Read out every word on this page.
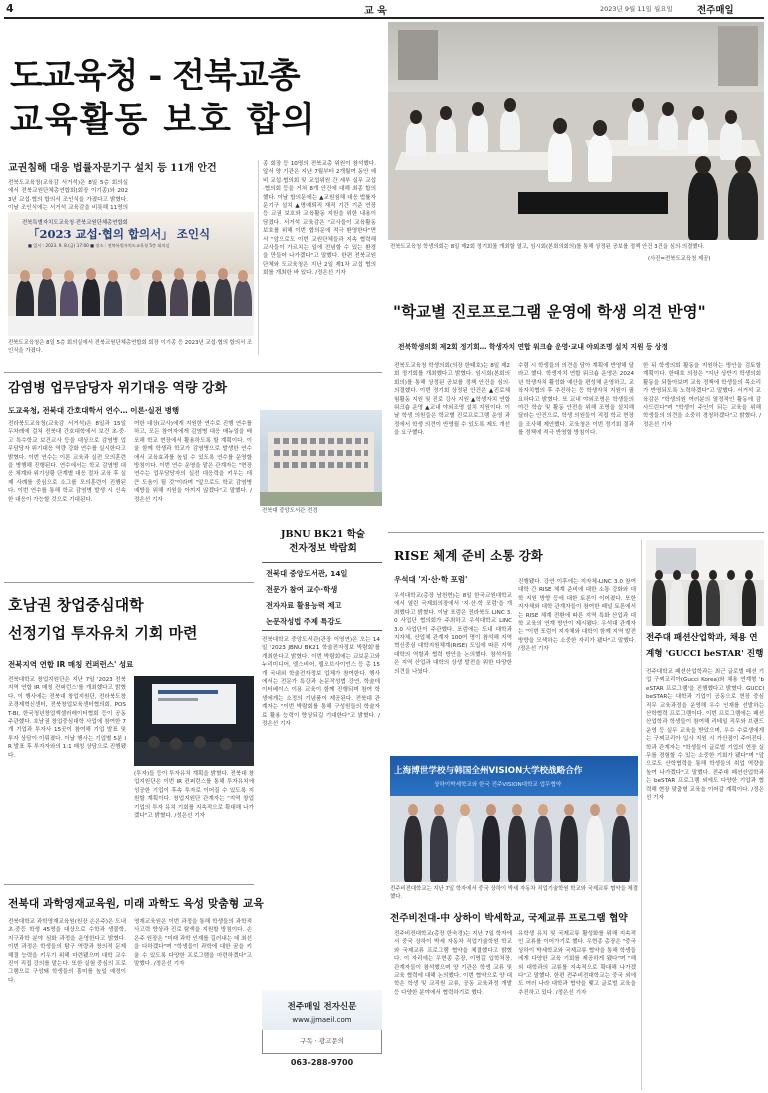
4	교 육	2023년 9월 11일 월요일	전주매일
도교육청 - 전북교총
교육활동 보호 합의
교권침해 대응 법률자문기구 설치 등 11개 안건
전북도교육청(교육감 서거석)은 8일 5층 회의실에서 전북교원단체총연합회(회장 이기종)와 2023년 교섭·협의 합의서 조인식을 가졌다고 밝혔다. 이날 조인식에는 서거석 교육감을 비롯해 11명의
전북특별자치도교육청·전북교원단체총연합회
「2023 교섭·협의 합의서」 조인식
■ 일시 : 2023. 9. 8.(금) 17:00 ■ 장소 : 전북특별자치도교육청 5층 회의실
전북도교육청은 8일 5층 회의실에서 전북교원단체총연합회 회장 이기종 등 2023년 교섭·협의 합의서 조인식을 가졌다.
종 회장 등 10명의 전북교총 위원이 참석했다. 앞서 양 기관은 지난 7월부터 2개월여 동안 예비 교섭·협의회 및 교섭위원 간 세부 실무 교섭·협의회 등을 거쳐 8개 안건에 대해 최종 합의했다. 이날 합의문에는 ▲교원침해 대응 법률자문기구 설치 ▲명예퇴직 재직 기간 기준 연장 등 교권 보호와 교육활동 지원을 위한 내용이 담겼다. 서거석 교육감은 "교사들이 교육활동 보호를 위해 이번 합의문에 적극 환영한다"면서 "앞으로도 이번 교원단체들과 지속 협력해 교사들이 가르치는 일에 전념할 수 있는 환경을 만들어 나가겠다"고 말했다. 한편 전북교원단체와 도교육청은 지난 2일 제1차 교섭 협의회를 개최한 바 있다. /정은선 기자
전북도교육청 학생의회는 8일 제2회 정기회를 개최할 열고, 임시회(본회의회의)를 통해 상정된 공보를 정책 안건 3건을 심의·의결했다.
(사진=전북도교육청 제공)
"학교별 진로프로그램 운영에 학생 의견 반영"
전북학생의회 제2회 정기회… 학생자치 연합 워크숍 운영·교내 야외조명 설치 지원 등 상정
전북도교육청 학생의회(의장 한태호)는 8일 제2회 정기회를 개최했다고 밝혔다. 임시회(본회의회의)를 통해 상정된 공보를 정책 안건을 심의·의결했다. 이번 정기회 상정된 안건은 ▲진로체험활동 지원 및 진로 강사 지원 ▲학생자치 연합 워크숍 운영 ▲교내 야외조명 설치 지원이다. 이날 학생 의원들은 학교별 진로프로그램 운영 과정에서 학생 의견이 반영될 수 있도록 제도 개선을 요구했다.
수렴 시 학생들의 의견을 담아 계획에 반영해 달라고 했다. 학생자치 연합 워크숍 운영은 2024년 학생자치 활성화 예산을 편성해 운영하고, 교육자치협의 후 추진하는 등 학생자치 지원이 필요하다고 밝혔다. 또 교내 야외조명은 학생들의 야간 학습 및 활동 안전을 위해 조명을 설치해 달라는 안건으로, 학생 의원들이 직접 학교 현장을 조사해 제안했다. 교육청은 이번 정기회 결과를 정책에 적극 반영할 방침이다.
한 뒤 학생의회 활동을 지원하는 방안을 검토할 계획이다. 한태호 의장은 "지난 상반기 학생의회 활동을 되돌아보며 교육 정책에 학생들의 목소리가 반영되도록 노력하겠다"고 말했다. 서거석 교육감은 "학생의원 여러분의 열정적인 활동에 감사드린다"며 "학생이 주인이 되는 교육을 위해 학생들의 의견을 소중히 경청하겠다"고 밝혔다. /정은선 기자
감염병 업무담당자 위기대응 역량 강화
도교육청, 전북대 간호대학서 연수… 이론·실전 병행
전라북도교육청(교육감 서거석)은 8일과 15일 두차례에 걸쳐 전북대 간호대학에서 보건 초·중·고 특수학교 보건교사 등을 대상으로 감염병 업무담당자 위기대응 역량 강화 연수를 실시한다고 밝혔다. 이번 연수는 이론 교육과 실전 모의훈련을 병행해 진행된다. 연수에서는 학교 감염병 대응 체계와 위기상황 단계별 대응 절차 교육 후 실제 사례를 중심으로 소그룹 모의훈련이 진행된다. 이번 연수를 통해 학교 감염병 발생 시 신속한 대응이 가능할 것으로 기대된다.
여한 대상(교사)에게 지원한 연수로 진행 연수를 하고, 모든 참여자에게 감염병 대응 매뉴얼을 배포해 학교 현장에서 활용하도록 할 계획이다. 이울 함께 학생과 학교가 감염병으로 발생한 연수에서 교육효과를 높일 수 있도록 연수를 운영할 방침이다. 이번 연수 운영을 맡은 관계자는 "현장 연수는 업무담당자의 실전 대응력을 키우는 데 큰 도움이 될 것"이라며 "앞으로도 학교 감염병 예방을 위해 지원을 아끼지 않겠다"고 말했다. /정은선 기자
전북대 중앙도서관 전경
JBNU BK21 학술
전자정보 박람회
전북대 중앙도서관, 14일
전문가 참여 교수·학생
전자자료 활용능력 제고
논문작성법 주제 특강도
전북대학교 중앙도서관(관장 이영연)은 오는 14일 '2023 JBNU BK21 학술전자정보 박람회'를 개최한다고 밝혔다. 이번 박람회에는 교보문고와 누리미디어, 엘스비어, 웹오브사이언스 등 총 15개 국내외 학술전자정보 업체가 참여한다. 행사에서는 전문가 특강과 논문작성법 강연, 학술데이터베이스 이용 교육이 함께 진행되며 참여 학생에게는 소정의 기념품이 제공된다. 전북대 관계자는 "이번 박람회를 통해 구성원들의 학술자료 활용 능력이 향상되길 기대한다"고 밝혔다. /정은선 기자
호남권 창업중심대학
선정기업 투자유치 기회 마련
전북지역 연합 IR 매칭 컨퍼런스' 성료
전북대학교 창업지원단은 지난 7일 '2023 전북지역 연합 IR 매칭 컨퍼런스'를 개최했다고 밝혔다. 이 행사에는 전북대 창업지원단, 전라북도창조경제혁신센터, 전북창업보육센터협의회, POST-BI, 한국청년창업엑셀러레이터협회 등이 공동 주관했다. 호남권 창업중심대학 사업에 참여한 7개 기업과 투자사 15곳이 참여해 기업 발표 및 투자 상담이 이뤄졌다. 이날 행사는 기업별 5분 IR 발표 후 투자자와의 1:1 매칭 상담으로 진행됐다.
(투자)들 등이 투자유치 계획을 밝혔다. 전북대 창업지원단은 이번 IR 컨퍼런스를 통해 투자유치에 성공한 기업이 후속 투자로 이어질 수 있도록 지원할 계획이다. 창업지원단 관계자는 "지역 창업기업의 투자 유치 기회를 지속적으로 확대해 나가겠다"고 밝혔다. /정은선 기자
전북대 과학영재교육원, 미래 과학도 육성 맞춤형 교육
전북대학교 과학영재교육원(원장 손은주)은 도내 초·중등 학생 45명을 대상으로 수학과 생물학, 지구과학 분야 심화 과정을 운영한다고 밝혔다. 이번 과정은 학생들의 탐구 역량과 창의적 문제해결 능력을 키우기 위해 마련됐으며 대학 교수진이 직접 강의를 맡는다. 또한 실험 중심의 프로그램으로 구성돼 학생들의 흥미를 높일 예정이다.
영재교육원은 이번 과정을 통해 학생들의 과학적 사고력 향상과 진로 탐색을 지원할 방침이다. 손은주 원장은 "미래 과학 인재를 길러내는 데 최선을 다하겠다"며 "학생들이 과학에 대한 꿈을 키울 수 있도록 다양한 프로그램을 마련하겠다"고 말했다. /정은선 기자
전주매일 전자신문
www.jjmaeil.com
구독 · 광고문의
063-288-9700
RISE 체계 준비 소통 강화
우석대 '지·산·학 포럼'
우석대학교(총장 남천현)는 8일 한국교원대학교에서 열린 국제회의장에서 '지·산·학 포럼'을 개최했다고 밝혔다. 이날 포럼은 전라북도 LINC 3.0 사업단 협의회가 주최하고 우석대학교 LINC 3.0 사업단이 주관했다. 포럼에는 도내 대학과 지자체, 산업체 관계자 100여 명이 참석해 지역혁신중심 대학지원체계(RISE) 도입에 따른 지역 대학의 역할과 협력 방안을 논의했다. 참석자들은 지역 산업과 대학의 상생 발전을 위한 다양한 의견을 나눴다.
진행됐다. 강연 이후에는 지자체-LINC 3.0 참여대학 간 RISE 체계 준비에 대한 소통 강화와 대학 지원 방향 등에 대한 토론이 이어졌다. 또한 지자체와 대학 관계자들이 참여한 패널 토론에서는 RISE 체계 전환에 따른 지역 특화 산업과 대학 교육의 연계 방안이 제시됐다. 우석대 관계자는 "이번 포럼이 지자체와 대학이 함께 지역 발전 방향을 모색하는 소중한 자리가 됐다"고 말했다. /정은선 기자
上海博世学校与韩国全州VISION大学校战略合作
상하이박세학교와 한국 전주VISION대학교 업무협약
전주비전대학교는 지난 7일 학자에서 중국 상하이 박세 자동차 직업기술학원 학교와 국제교류 협약을 체결했다.
전주비전대-中 상하이 박세학교, 국제교류 프로그램 협약
전주비전대학교(총장 한숙경)는 지난 7일 학자에서 중국 상하이 박세 자동차 직업기술학원 학교와 국제교류 프로그램 협약을 체결했다고 밝혔다. 이 자리에는 우현종 총장, 이명길 입학처장, 관계자들이 참석했으며 양 기관은 학생 교류 및 교육 협력에 대해 논의했다. 이번 협약으로 양 대학은 학생 및 교직원 교류, 공동 교육과정 개발 등 다양한 분야에서 협력하기로 했다.
유학생 유치 및 국제교류 활성화를 위해 지속적인 교류를 이어가기로 했다. 우현종 총장은 "중국 상하이 박세학교와 국제교류 협약을 통해 학생들에게 다양한 교육 기회를 제공하게 됐다"며 "해외 대학과의 교류를 지속적으로 확대해 나가겠다"고 말했다. 한편 전주비전대학교는 중국 외에도 여러 나라 대학과 협약을 맺고 글로벌 교육을 추진하고 있다. /정은선 기자
전주대 패션산업학과, 채용 연계형 'GUCCI beSTAR' 진행
전주대학교 패션산업학과는 최근 글로벌 패션 기업 구찌코리아(Gucci Korea)와 채용 연계형 'beSTAR 프로그램'을 진행했다고 밝혔다. GUCCI beSTAR는 대학과 기업이 공동으로 현장 중심 직무 교육과정을 운영해 우수 인재를 선발하는 산학협력 프로그램이다. 이번 프로그램에는 패션산업학과 학생들이 참여해 리테일 직무와 브랜드 운영 등 실무 교육을 받았으며, 우수 수료생에게는 구찌코리아 입사 지원 시 가산점이 주어진다. 학과 관계자는 "학생들이 글로벌 기업의 현장 실무를 경험할 수 있는 소중한 기회가 됐다"며 "앞으로도 산학협력을 통해 학생들의 취업 역량을 높여 나가겠다"고 말했다. 전주대 패션산업학과는 beSTAR 프로그램 외에도 다양한 기업과 협력해 현장 맞춤형 교육을 이어갈 계획이다. /정은선 기자
